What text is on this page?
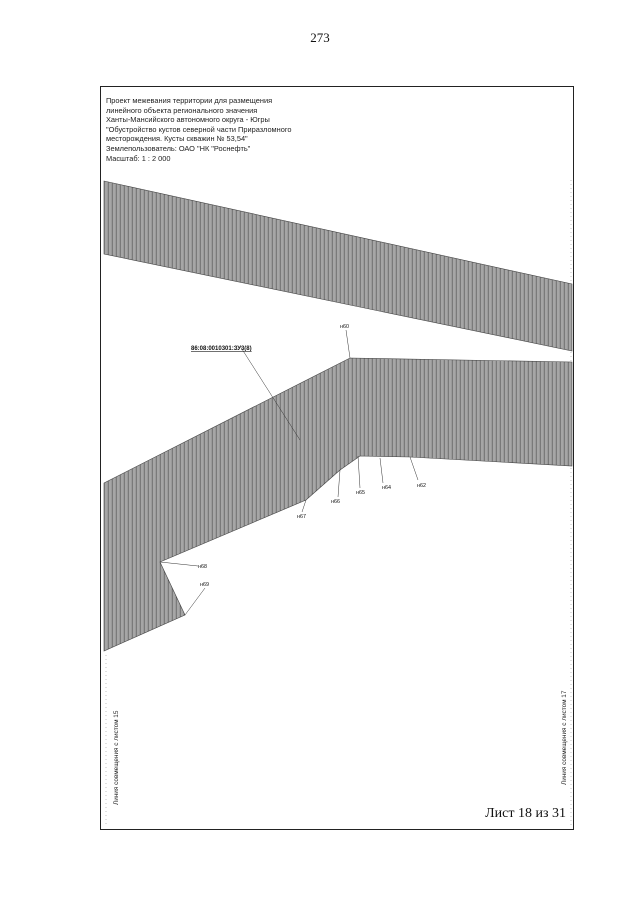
273
Проект межевания территории для размещения
линейного объекта регионального значения
Ханты-Мансийского автономного округа - Югры
"Обустройство кустов северной части Приразломного
месторождения. Кусты скважин № 53,54"
Землепользователь: ОАО "НК "Роснефть"
Масштаб: 1 : 2 000
86:08:0010301:ЗУ3(8)
н60
н62
н64
н65
н66
н67
н68
н69
Линия совмещения с листом 15	Линия совмещения с листом 17
Лист 18 из 31
